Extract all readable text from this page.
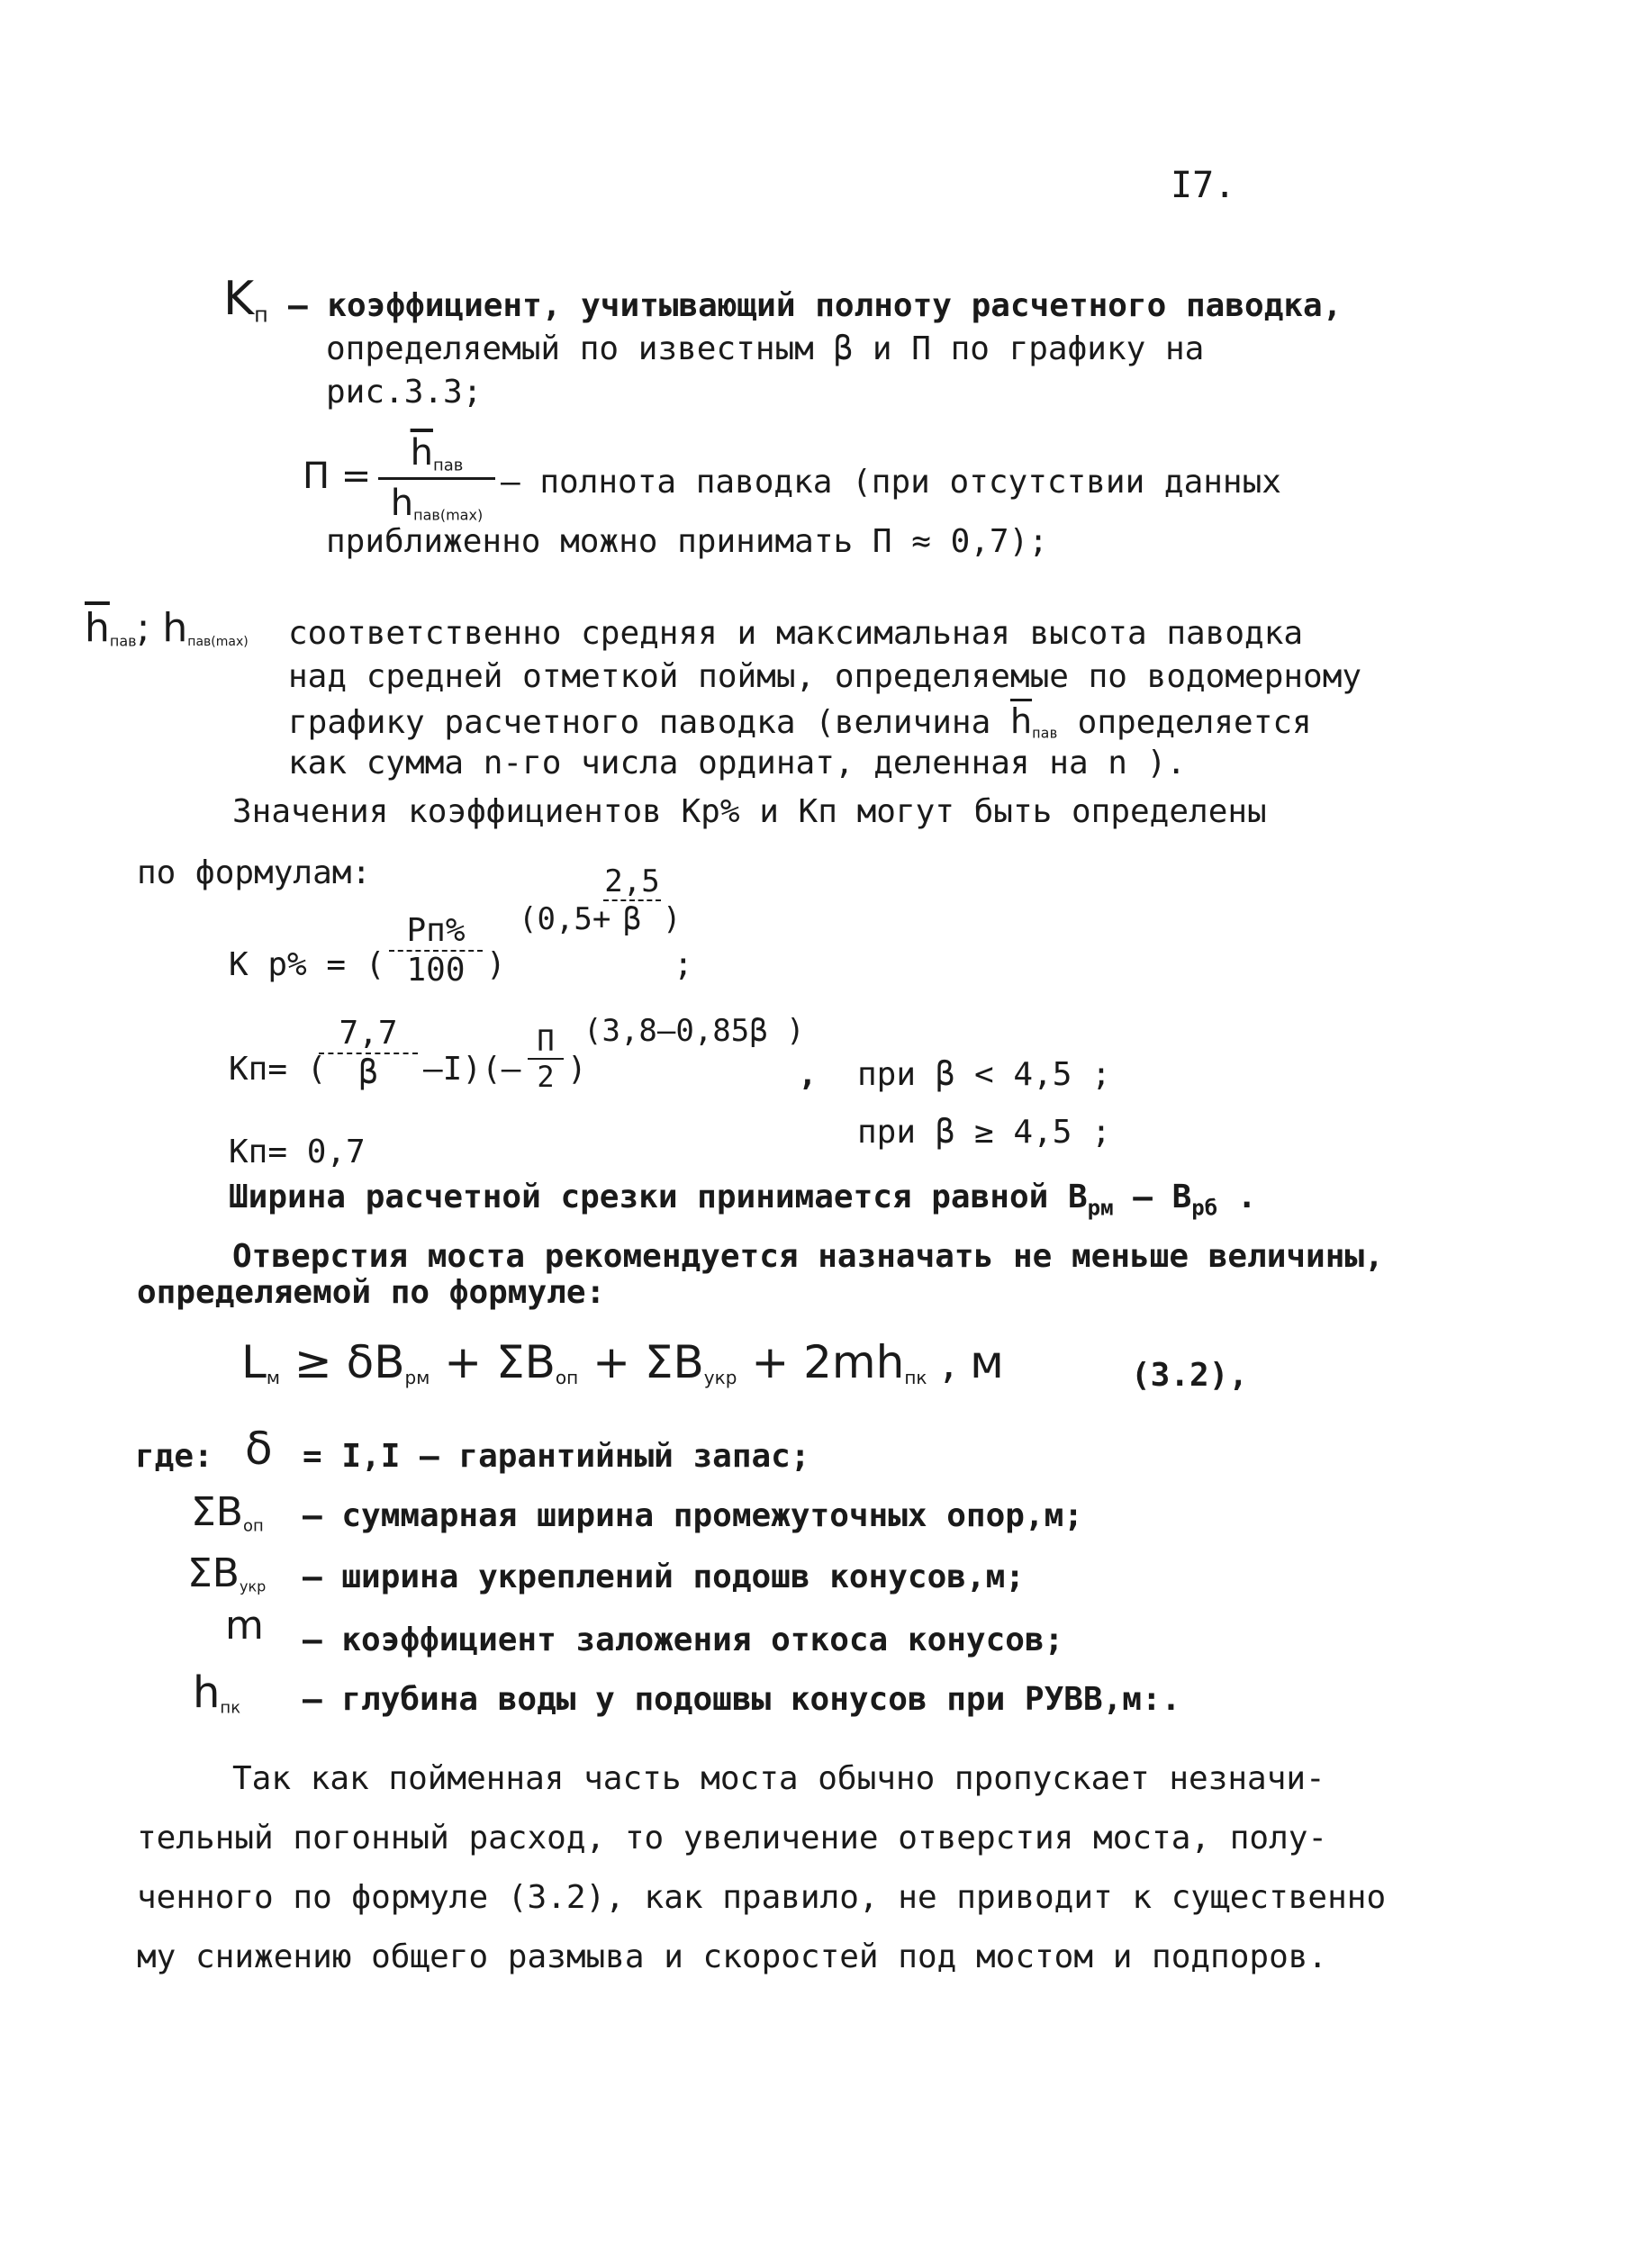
I7.
$K_п$ – коэффициент, учитывающий полноту расчетного паводка,
определяемый по известным β и П по графику на
рис.3.3;
П =
$\overline{h}_{пав}$
$h_{пав(max)}$
– полнота паводка (при отсутствии данных
приближенно можно принимать П ≈ 0,7);
$\overline{h}_{пав}$; $h_{пав(max)}$ соответственно средняя и максимальная высота паводка
над средней отметкой поймы, определяемые по водомерному
графику расчетного паводка (величина $\overline{h}_{пав}$ определяется
как сумма n-го числа ординат, деленная на n ).
Значения коэффициентов Кр% и Кп могут быть определены
по формулам:
К р% = (
Pп%
100 )
(0,5+
2,5
β )
;
Кп= (
7,7
β	–I)(–
П
2 )
(3,8–0,85β )
, при β < 4,5 ;
Кп= 0,7
при β ≥ 4,5 ;
Ширина расчетной срезки принимается равной $В_{рм} - В_{рб}$ .
Отверстия моста рекомендуется назначать не меньше величины,
определяемой по формуле:
$L_м \ge \delta B_{рм} + \Sigma B_{оп} + \Sigma B_{укр} + 2mh_{пк}$ , м	(3.2),
где: δ = I,I – гарантийный запас;
$\Sigma B_{оп}$ – суммарная ширина промежуточных опор,м;
$\Sigma B_{укр}$ – ширина укреплений подошв конусов,м;
m – коэффициент заложения откоса конусов;
$h_{пк}$ – глубина воды у подошвы конусов при РУВВ,м:.
Так как пойменная часть моста обычно пропускает незначи-
тельный погонный расход, то увеличение отверстия моста, полу-
ченного по формуле (3.2), как правило, не приводит к существенно
му снижению общего размыва и скоростей под мостом и подпоров.
